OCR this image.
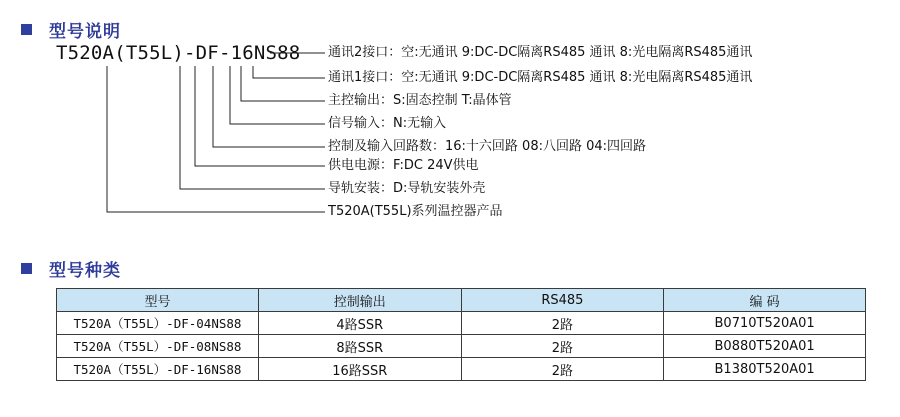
型号说明
T520A(T55L)-DF-16NS88 通讯2接口：空:无通讯 9:DC-DC隔离RS485 通讯 8:光电隔离RS485通讯
通讯1接口：空:无通讯 9:DC-DC隔离RS485 通讯 8:光电隔离RS485通讯
主控输出：S:固态控制 T:晶体管
信号输入：N:无输入
控制及输入回路数：16:十六回路 08:八回路 04:四回路
供电电源：F:DC 24V供电
导轨安装：D:导轨安装外壳
T520A(T55L)系列温控器产品
型号种类
型号	控制输出	RS485	编 码
T520A（T55L）-DF-04NS88	4路SSR	2路	B0710T520A01
T520A（T55L）-DF-08NS88	8路SSR	2路	B0880T520A01
T520A（T55L）-DF-16NS88	16路SSR	2路	B1380T520A01
